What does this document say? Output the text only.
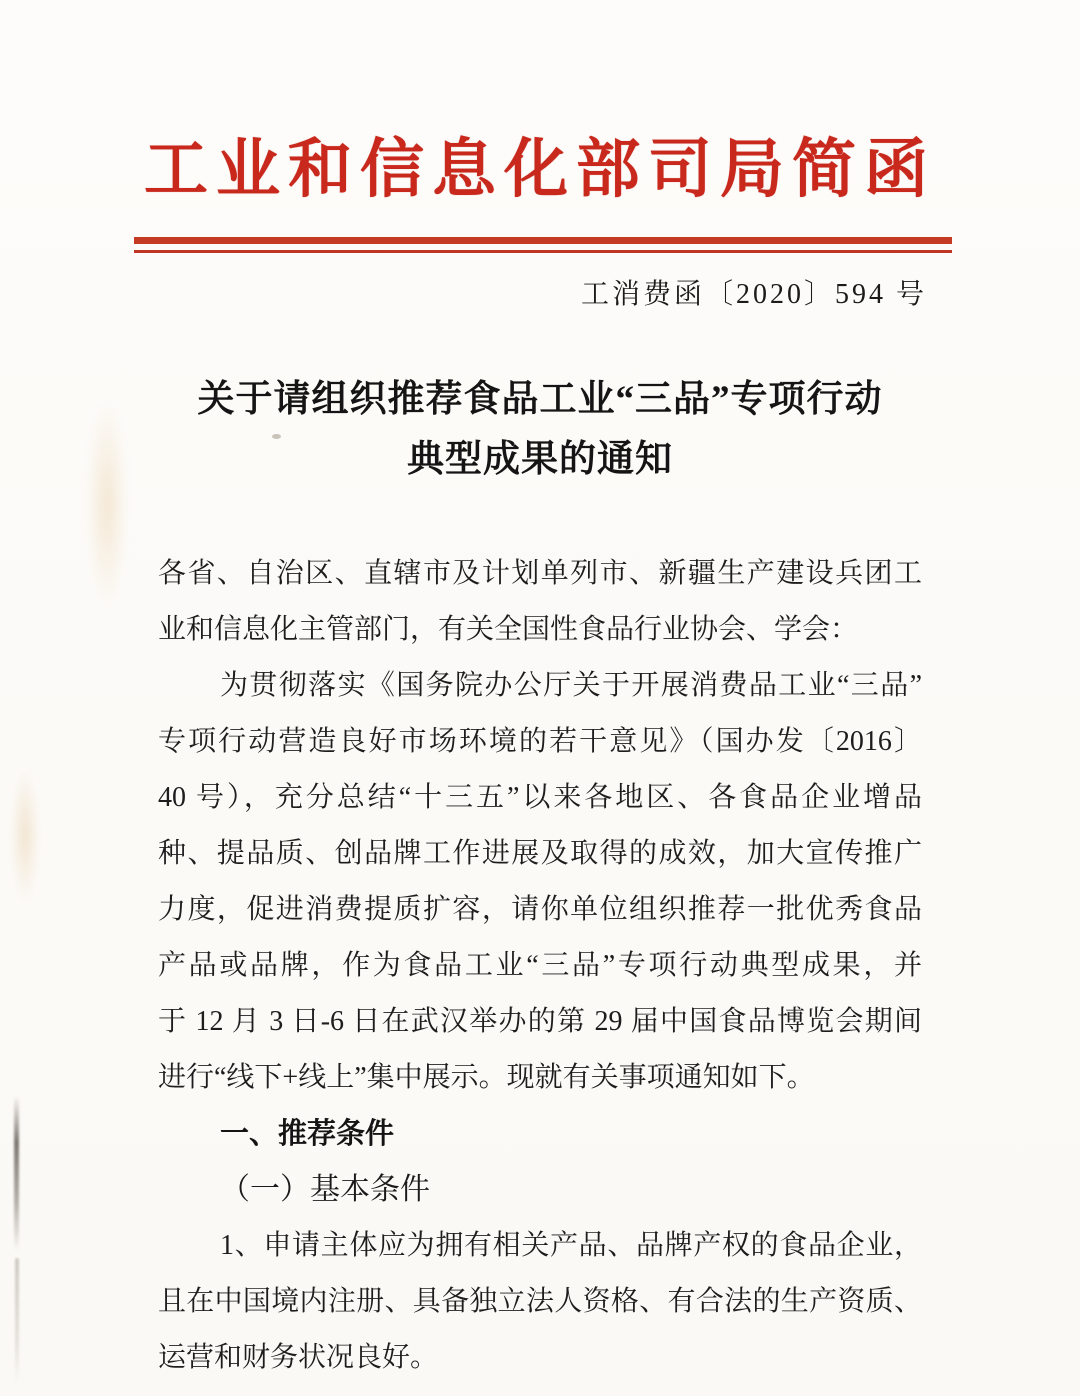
工业和信息化部司局简函
工消费函〔2020〕594 号
关于请组织推荐食品工业“三品”专项行动
典型成果的通知
各省、自治区、直辖市及计划单列市、新疆生产建设兵团工
业和信息化主管部门，有关全国性食品行业协会、学会：
为贯彻落实《国务院办公厅关于开展消费品工业“三品”
专项行动营造良好市场环境的若干意见》（国办发〔2016〕
40 号），充分总结“十三五”以来各地区、各食品企业增品
种、提品质、创品牌工作进展及取得的成效，加大宣传推广
力度，促进消费提质扩容，请你单位组织推荐一批优秀食品
产品或品牌，作为食品工业“三品”专项行动典型成果，并
于 12 月 3 日-6 日在武汉举办的第 29 届中国食品博览会期间
进行“线下+线上”集中展示。现就有关事项通知如下。
一、推荐条件
（一）基本条件
1、申请主体应为拥有相关产品、品牌产权的食品企业，
且在中国境内注册、具备独立法人资格、有合法的生产资质、
运营和财务状况良好。
